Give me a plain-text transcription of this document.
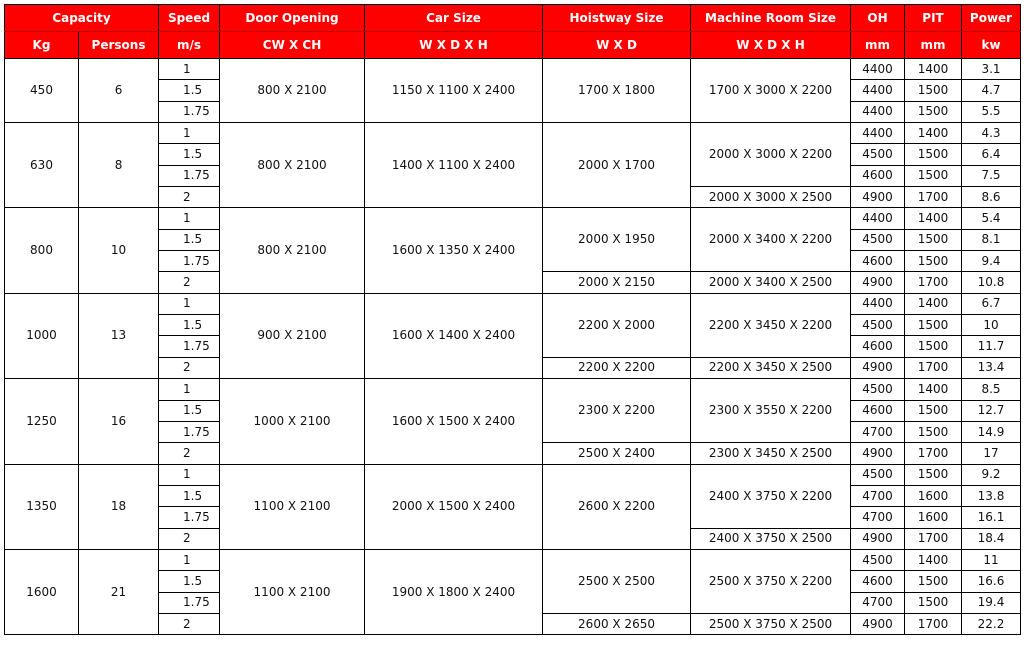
Capacity		Speed	Door Opening	Car Size	Hoistway Size	Machine Room Size	OH	PIT	Power
Kg	Persons	m/s	CW X CH	W X D X H	W X D	W X D X H	mm	mm	kw
450	6	1	800 X 2100	1150 X 1100 X 2400	1700 X 1800	1700 X 3000 X 2200	4400	1400	3.1
		1.5					4400	1500	4.7
		1.75					4400	1500	5.5
630	8	1	800 X 2100	1400 X 1100 X 2400	2000 X 1700	2000 X 3000 X 2200	4400	1400	4.3
		1.5					4500	1500	6.4
		1.75					4600	1500	7.5
		2				2000 X 3000 X 2500	4900	1700	8.6
800	10	1	800 X 2100	1600 X 1350 X 2400	2000 X 1950	2000 X 3400 X 2200	4400	1400	5.4
		1.5					4500	1500	8.1
		1.75					4600	1500	9.4
		2			2000 X 2150	2000 X 3400 X 2500	4900	1700	10.8
1000	13	1	900 X 2100	1600 X 1400 X 2400	2200 X 2000	2200 X 3450 X 2200	4400	1400	6.7
		1.5					4500	1500	10
		1.75					4600	1500	11.7
		2			2200 X 2200	2200 X 3450 X 2500	4900	1700	13.4
1250	16	1	1000 X 2100	1600 X 1500 X 2400	2300 X 2200	2300 X 3550 X 2200	4500	1400	8.5
		1.5					4600	1500	12.7
		1.75					4700	1500	14.9
		2			2500 X 2400	2300 X 3450 X 2500	4900	1700	17
1350	18	1	1100 X 2100	2000 X 1500 X 2400	2600 X 2200	2400 X 3750 X 2200	4500	1500	9.2
		1.5					4700	1600	13.8
		1.75					4700	1600	16.1
		2				2400 X 3750 X 2500	4900	1700	18.4
1600	21	1	1100 X 2100	1900 X 1800 X 2400	2500 X 2500	2500 X 3750 X 2200	4500	1400	11
		1.5					4600	1500	16.6
		1.75					4700	1500	19.4
		2			2600 X 2650	2500 X 3750 X 2500	4900	1700	22.2
